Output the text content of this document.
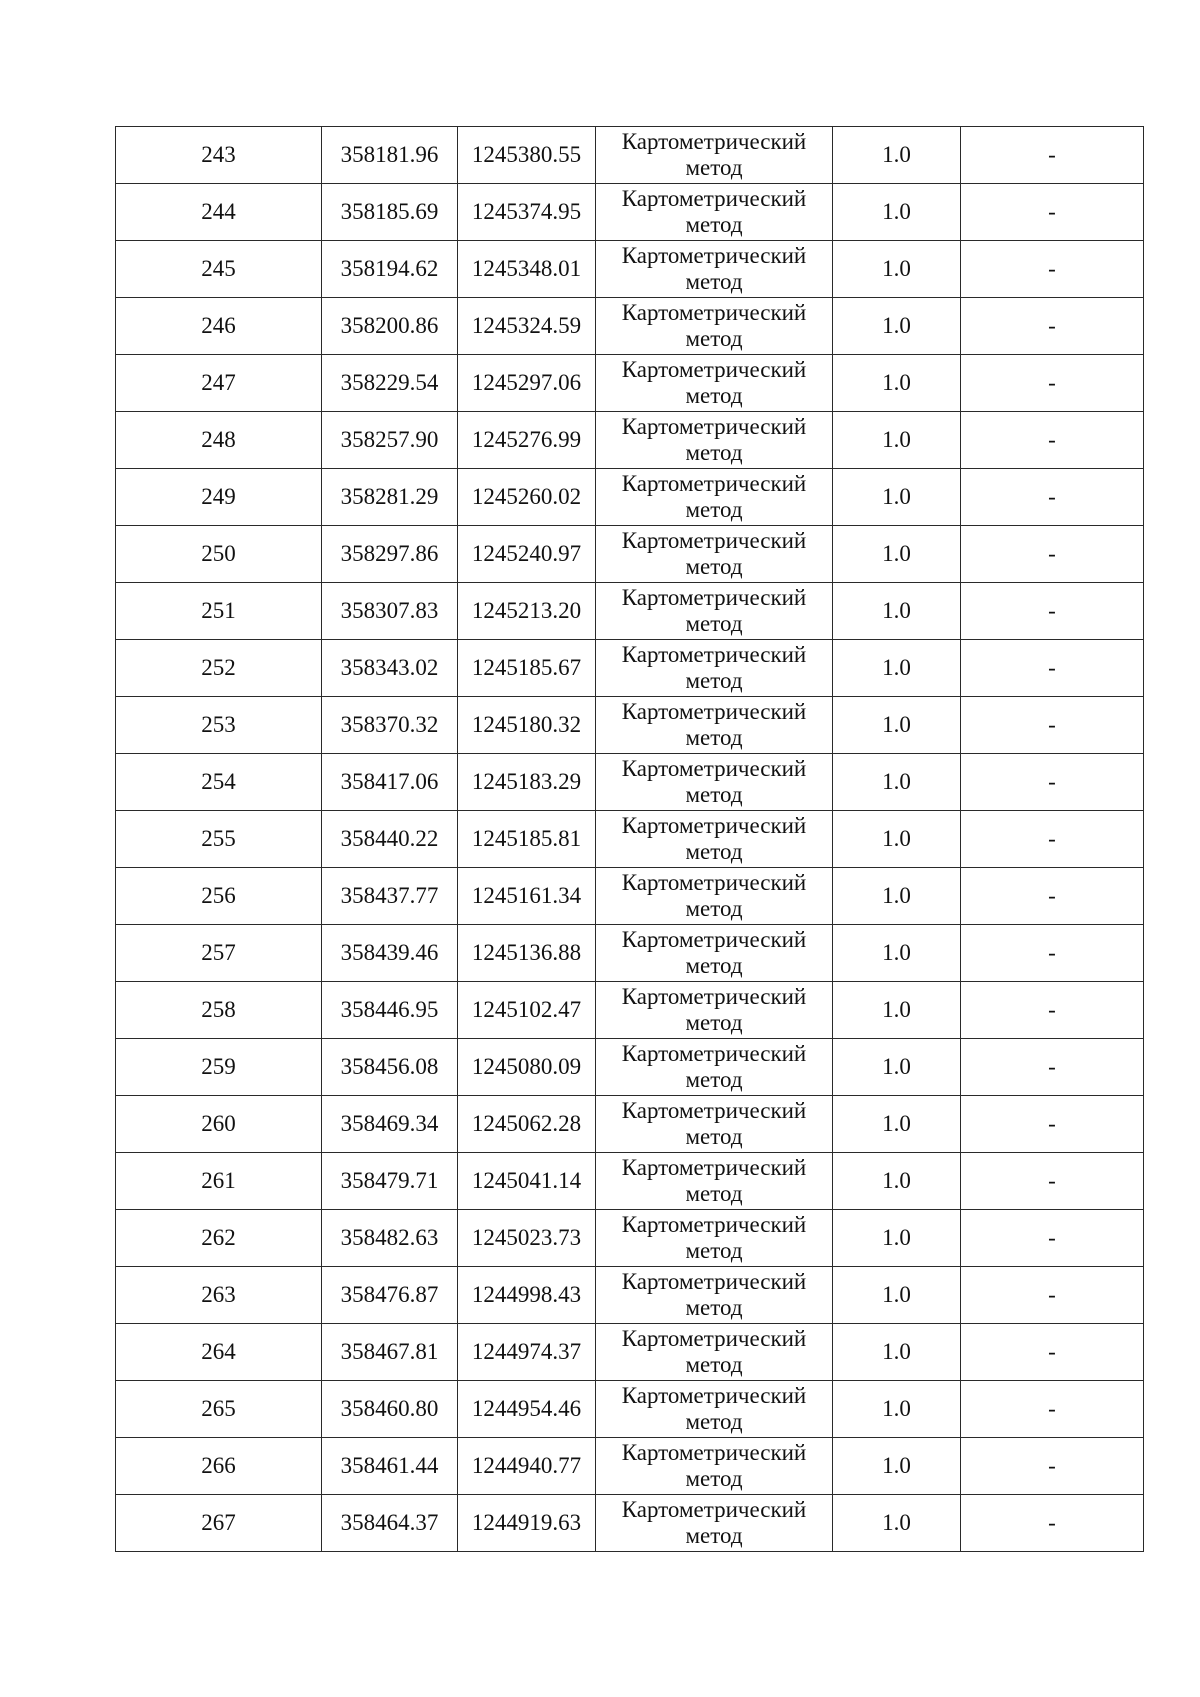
243	358181.96	1245380.55	Картометрический метод	1.0	-
244	358185.69	1245374.95	Картометрический метод	1.0	-
245	358194.62	1245348.01	Картометрический метод	1.0	-
246	358200.86	1245324.59	Картометрический метод	1.0	-
247	358229.54	1245297.06	Картометрический метод	1.0	-
248	358257.90	1245276.99	Картометрический метод	1.0	-
249	358281.29	1245260.02	Картометрический метод	1.0	-
250	358297.86	1245240.97	Картометрический метод	1.0	-
251	358307.83	1245213.20	Картометрический метод	1.0	-
252	358343.02	1245185.67	Картометрический метод	1.0	-
253	358370.32	1245180.32	Картометрический метод	1.0	-
254	358417.06	1245183.29	Картометрический метод	1.0	-
255	358440.22	1245185.81	Картометрический метод	1.0	-
256	358437.77	1245161.34	Картометрический метод	1.0	-
257	358439.46	1245136.88	Картометрический метод	1.0	-
258	358446.95	1245102.47	Картометрический метод	1.0	-
259	358456.08	1245080.09	Картометрический метод	1.0	-
260	358469.34	1245062.28	Картометрический метод	1.0	-
261	358479.71	1245041.14	Картометрический метод	1.0	-
262	358482.63	1245023.73	Картометрический метод	1.0	-
263	358476.87	1244998.43	Картометрический метод	1.0	-
264	358467.81	1244974.37	Картометрический метод	1.0	-
265	358460.80	1244954.46	Картометрический метод	1.0	-
266	358461.44	1244940.77	Картометрический метод	1.0	-
267	358464.37	1244919.63	Картометрический метод	1.0	-
